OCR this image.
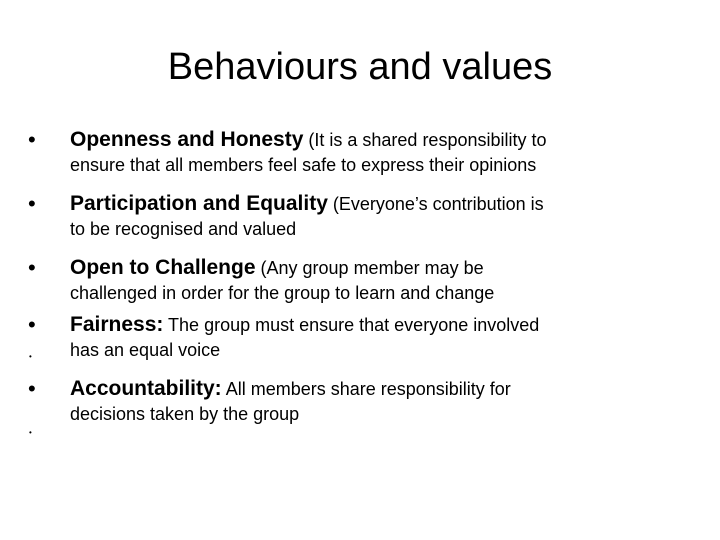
Behaviours and values
• Openness and Honesty (It is a shared responsibility to
ensure that all members feel safe to express their opinions
• Participation and Equality (Everyone’s contribution is
to be recognised and valued
• Open to Challenge (Any group member may be
challenged in order for the group to learn and change
• Fairness: The group must ensure that everyone involved
has an equal voice
•
• Accountability: All members share responsibility for
decisions taken by the group
•
